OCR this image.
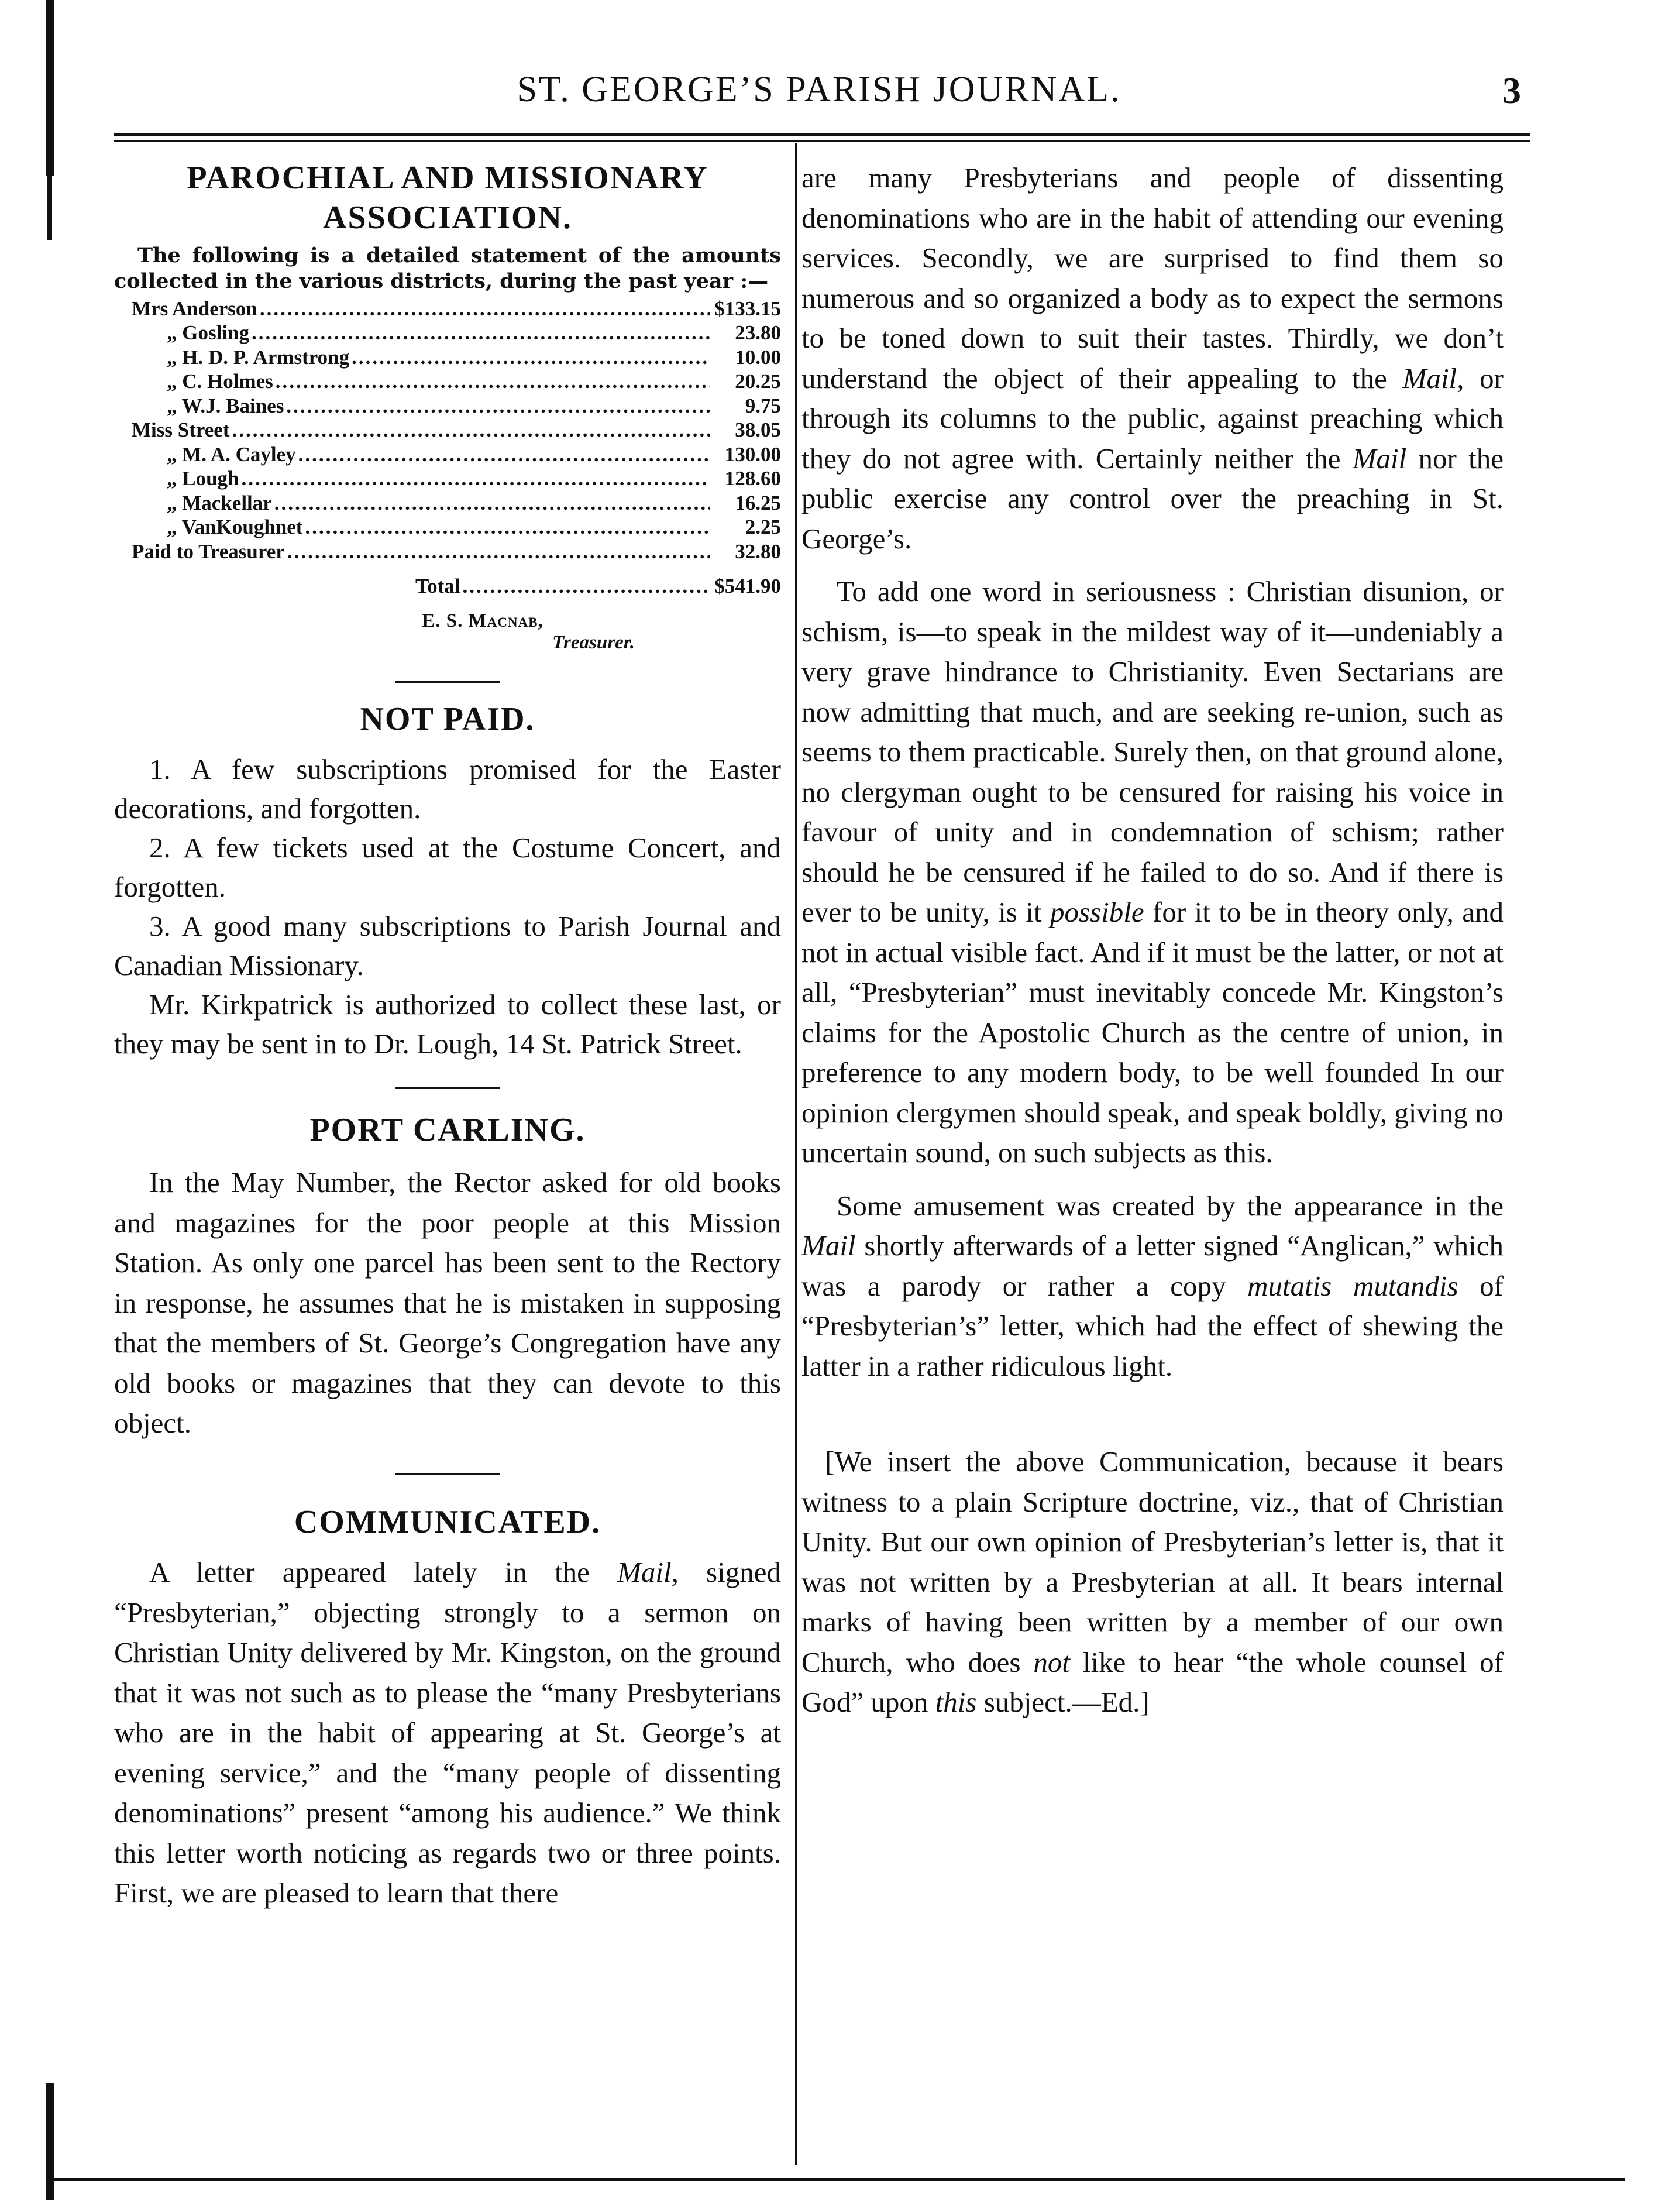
ST. GEORGE’S PARISH JOURNAL.	3
PAROCHIAL AND MISSIONARY
ASSOCIATION.

The following is a detailed statement of the amounts collected in the various districts, during the past year :—

Mrs Anderson .....	$133.15
„ Gosling .....	23.80
„ H. D. P. Armstrong .....	10.00
„ C. Holmes .....	20.25
„ W.J. Baines .....	9.75
Miss Street .....	38.05
„ M. A. Cayley .....	130.00
„ Lough .....	128.60
„ Mackellar .....	16.25
„ VanKoughnet .....	2.25
Paid to Treasurer .....	32.80
Total .....	$541.90
E. S. Macnab,
Treasurer.
NOT PAID.

1. A few subscriptions promised for the Easter decorations, and forgotten.

2. A few tickets used at the Costume Concert, and forgotten.

3. A good many subscriptions to Parish Journal and Canadian Missionary.

Mr. Kirkpatrick is authorized to collect these last, or they may be sent in to Dr. Lough, 14 St. Patrick Street.

PORT CARLING.

In the May Number, the Rector asked for old books and magazines for the poor people at this Mission Station. As only one parcel has been sent to the Rectory in response, he assumes that he is mistaken in supposing that the members of St. George’s Congregation have any old books or magazines that they can devote to this object.

COMMUNICATED.

A letter appeared lately in the Mail, signed “Presbyterian,” objecting strongly to a sermon on Christian Unity delivered by Mr. Kingston, on the ground that it was not such as to please the “many Presbyterians who are in the habit of appearing at St. George’s at evening service,” and the “many people of dissenting denominations” present “among his audience.” We think this letter worth noticing as regards two or three points. First, we are pleased to learn that there

are many Presbyterians and people of dissenting denominations who are in the habit of attending our evening services. Secondly, we are surprised to find them so numerous and so organized a body as to expect the sermons to be toned down to suit their tastes. Thirdly, we don’t understand the object of their appealing to the Mail, or through its columns to the public, against preaching which they do not agree with. Certainly neither the Mail nor the public exercise any control over the preaching in St. George’s.

To add one word in seriousness : Christian disunion, or schism, is—to speak in the mildest way of it—undeniably a very grave hindrance to Christianity. Even Sectarians are now admitting that much, and are seeking re-union, such as seems to them practicable. Surely then, on that ground alone, no clergyman ought to be censured for raising his voice in favour of unity and in condemnation of schism; rather should he be censured if he failed to do so. And if there is ever to be unity, is it possible for it to be in theory only, and not in actual visible fact. And if it must be the latter, or not at all, “Presbyterian” must inevitably concede Mr. Kingston’s claims for the Apostolic Church as the centre of union, in preference to any modern body, to be well founded In our opinion clergymen should speak, and speak boldly, giving no uncertain sound, on such subjects as this.

Some amusement was created by the appearance in the Mail shortly afterwards of a letter signed “Anglican,” which was a parody or rather a copy mutatis mutandis of “Presbyterian’s” letter, which had the effect of shewing the latter in a rather ridiculous light.

[We insert the above Communication, because it bears witness to a plain Scripture doctrine, viz., that of Christian Unity. But our own opinion of Presbyterian’s letter is, that it was not written by a Presbyterian at all. It bears internal marks of having been written by a member of our own Church, who does not like to hear “the whole counsel of God” upon this subject.—Ed.]
